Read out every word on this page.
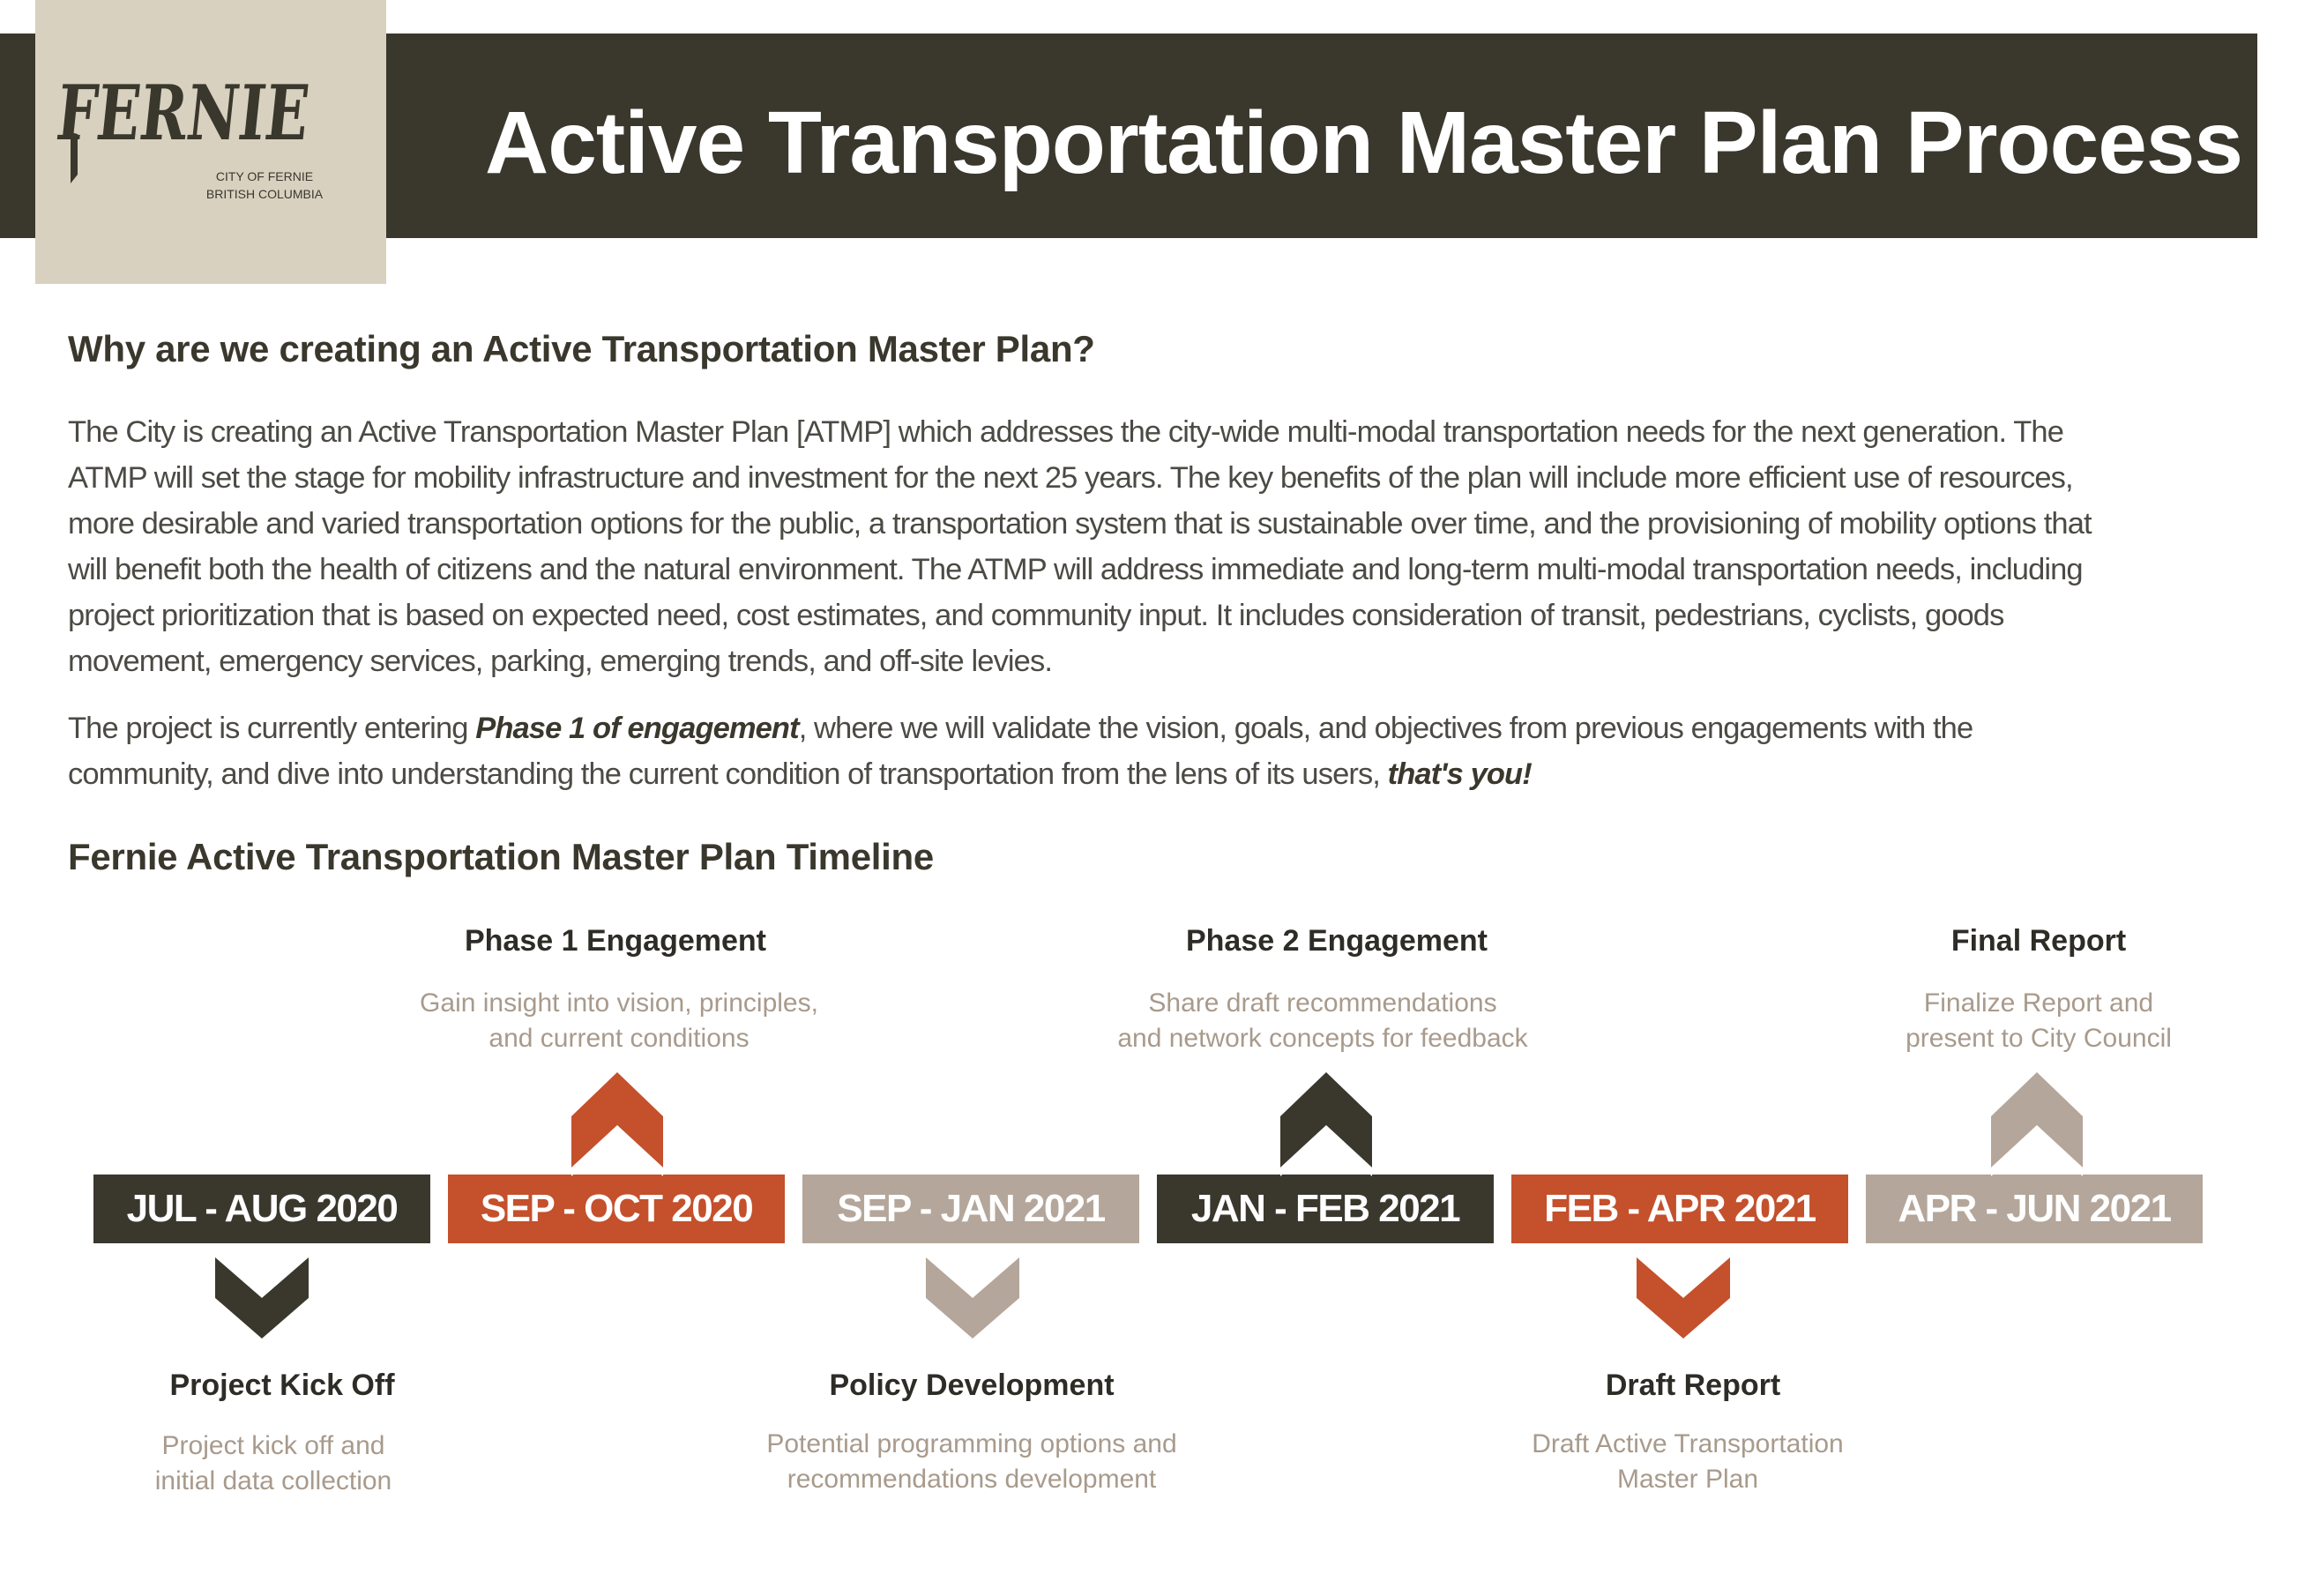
FERNIE
CITY OF FERNIE
BRITISH COLUMBIA
Active Transportation Master Plan Process
Why are we creating an Active Transportation Master Plan?

The City is creating an Active Transportation Master Plan [ATMP] which addresses the city-wide multi-modal transportation needs for the next generation. The ATMP will set the stage for mobility infrastructure and investment for the next 25 years. The key benefits of the plan will include more efficient use of resources, more desirable and varied transportation options for the public, a transportation system that is sustainable over time, and the provisioning of mobility options that will benefit both the health of citizens and the natural environment. The ATMP will address immediate and long-term multi-modal transportation needs, including project prioritization that is based on expected need, cost estimates, and community input. It includes consideration of transit, pedestrians, cyclists, goods movement, emergency services, parking, emerging trends, and off-site levies.

The project is currently entering Phase 1 of engagement, where we will validate the vision, goals, and objectives from previous engagements with the community, and dive into understanding the current condition of transportation from the lens of its users, that's you!

Fernie Active Transportation Master Plan Timeline
JUL - AUG 2020
Project Kick Off
Project kick off and
initial data collection
SEP - OCT 2020
Phase 1 Engagement
Gain insight into vision, principles,
and current conditions
SEP - JAN 2021
Policy Development
Potential programming options and
recommendations development
JAN - FEB 2021
Phase 2 Engagement
Share draft recommendations
and network concepts for feedback
FEB - APR 2021
Draft Report
Draft Active Transportation
Master Plan
APR - JUN 2021
Final Report
Finalize Report and
present to City Council
